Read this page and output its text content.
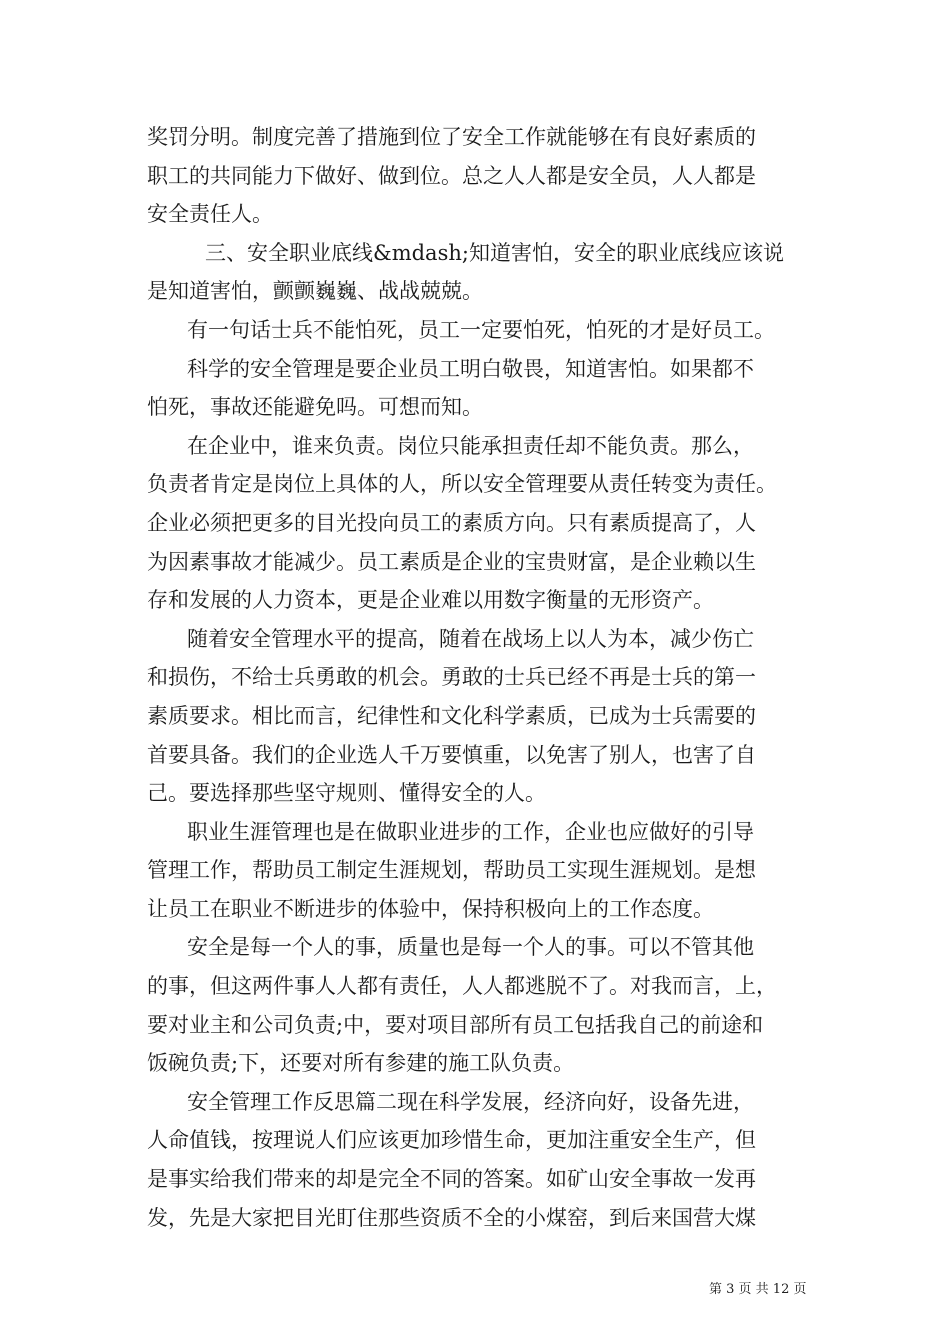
奖罚分明。制度完善了措施到位了安全工作就能够在有良好素质的
职工的共同能力下做好、做到位。总之人人都是安全员，人人都是
安全责任人。
三、安全职业底线&mdash;知道害怕，安全的职业底线应该说
是知道害怕，颤颤巍巍、战战兢兢。
有一句话士兵不能怕死，员工一定要怕死，怕死的才是好员工。
科学的安全管理是要企业员工明白敬畏，知道害怕。如果都不
怕死，事故还能避免吗。可想而知。
在企业中，谁来负责。岗位只能承担责任却不能负责。那么，
负责者肯定是岗位上具体的人，所以安全管理要从责任转变为责任。
企业必须把更多的目光投向员工的素质方向。只有素质提高了，人
为因素事故才能减少。员工素质是企业的宝贵财富，是企业赖以生
存和发展的人力资本，更是企业难以用数字衡量的无形资产。
随着安全管理水平的提高，随着在战场上以人为本，减少伤亡
和损伤，不给士兵勇敢的机会。勇敢的士兵已经不再是士兵的第一
素质要求。相比而言，纪律性和文化科学素质，已成为士兵需要的
首要具备。我们的企业选人千万要慎重，以免害了别人，也害了自
己。要选择那些坚守规则、懂得安全的人。
职业生涯管理也是在做职业进步的工作，企业也应做好的引导
管理工作，帮助员工制定生涯规划，帮助员工实现生涯规划。是想
让员工在职业不断进步的体验中，保持积极向上的工作态度。
安全是每一个人的事，质量也是每一个人的事。可以不管其他
的事，但这两件事人人都有责任，人人都逃脱不了。对我而言，上，
要对业主和公司负责;中，要对项目部所有员工包括我自己的前途和
饭碗负责;下，还要对所有参建的施工队负责。
安全管理工作反思篇二现在科学发展，经济向好，设备先进，
人命值钱，按理说人们应该更加珍惜生命，更加注重安全生产，但
是事实给我们带来的却是完全不同的答案。如矿山安全事故一发再
发，先是大家把目光盯住那些资质不全的小煤窑，到后来国营大煤
第 3 页 共 12 页
